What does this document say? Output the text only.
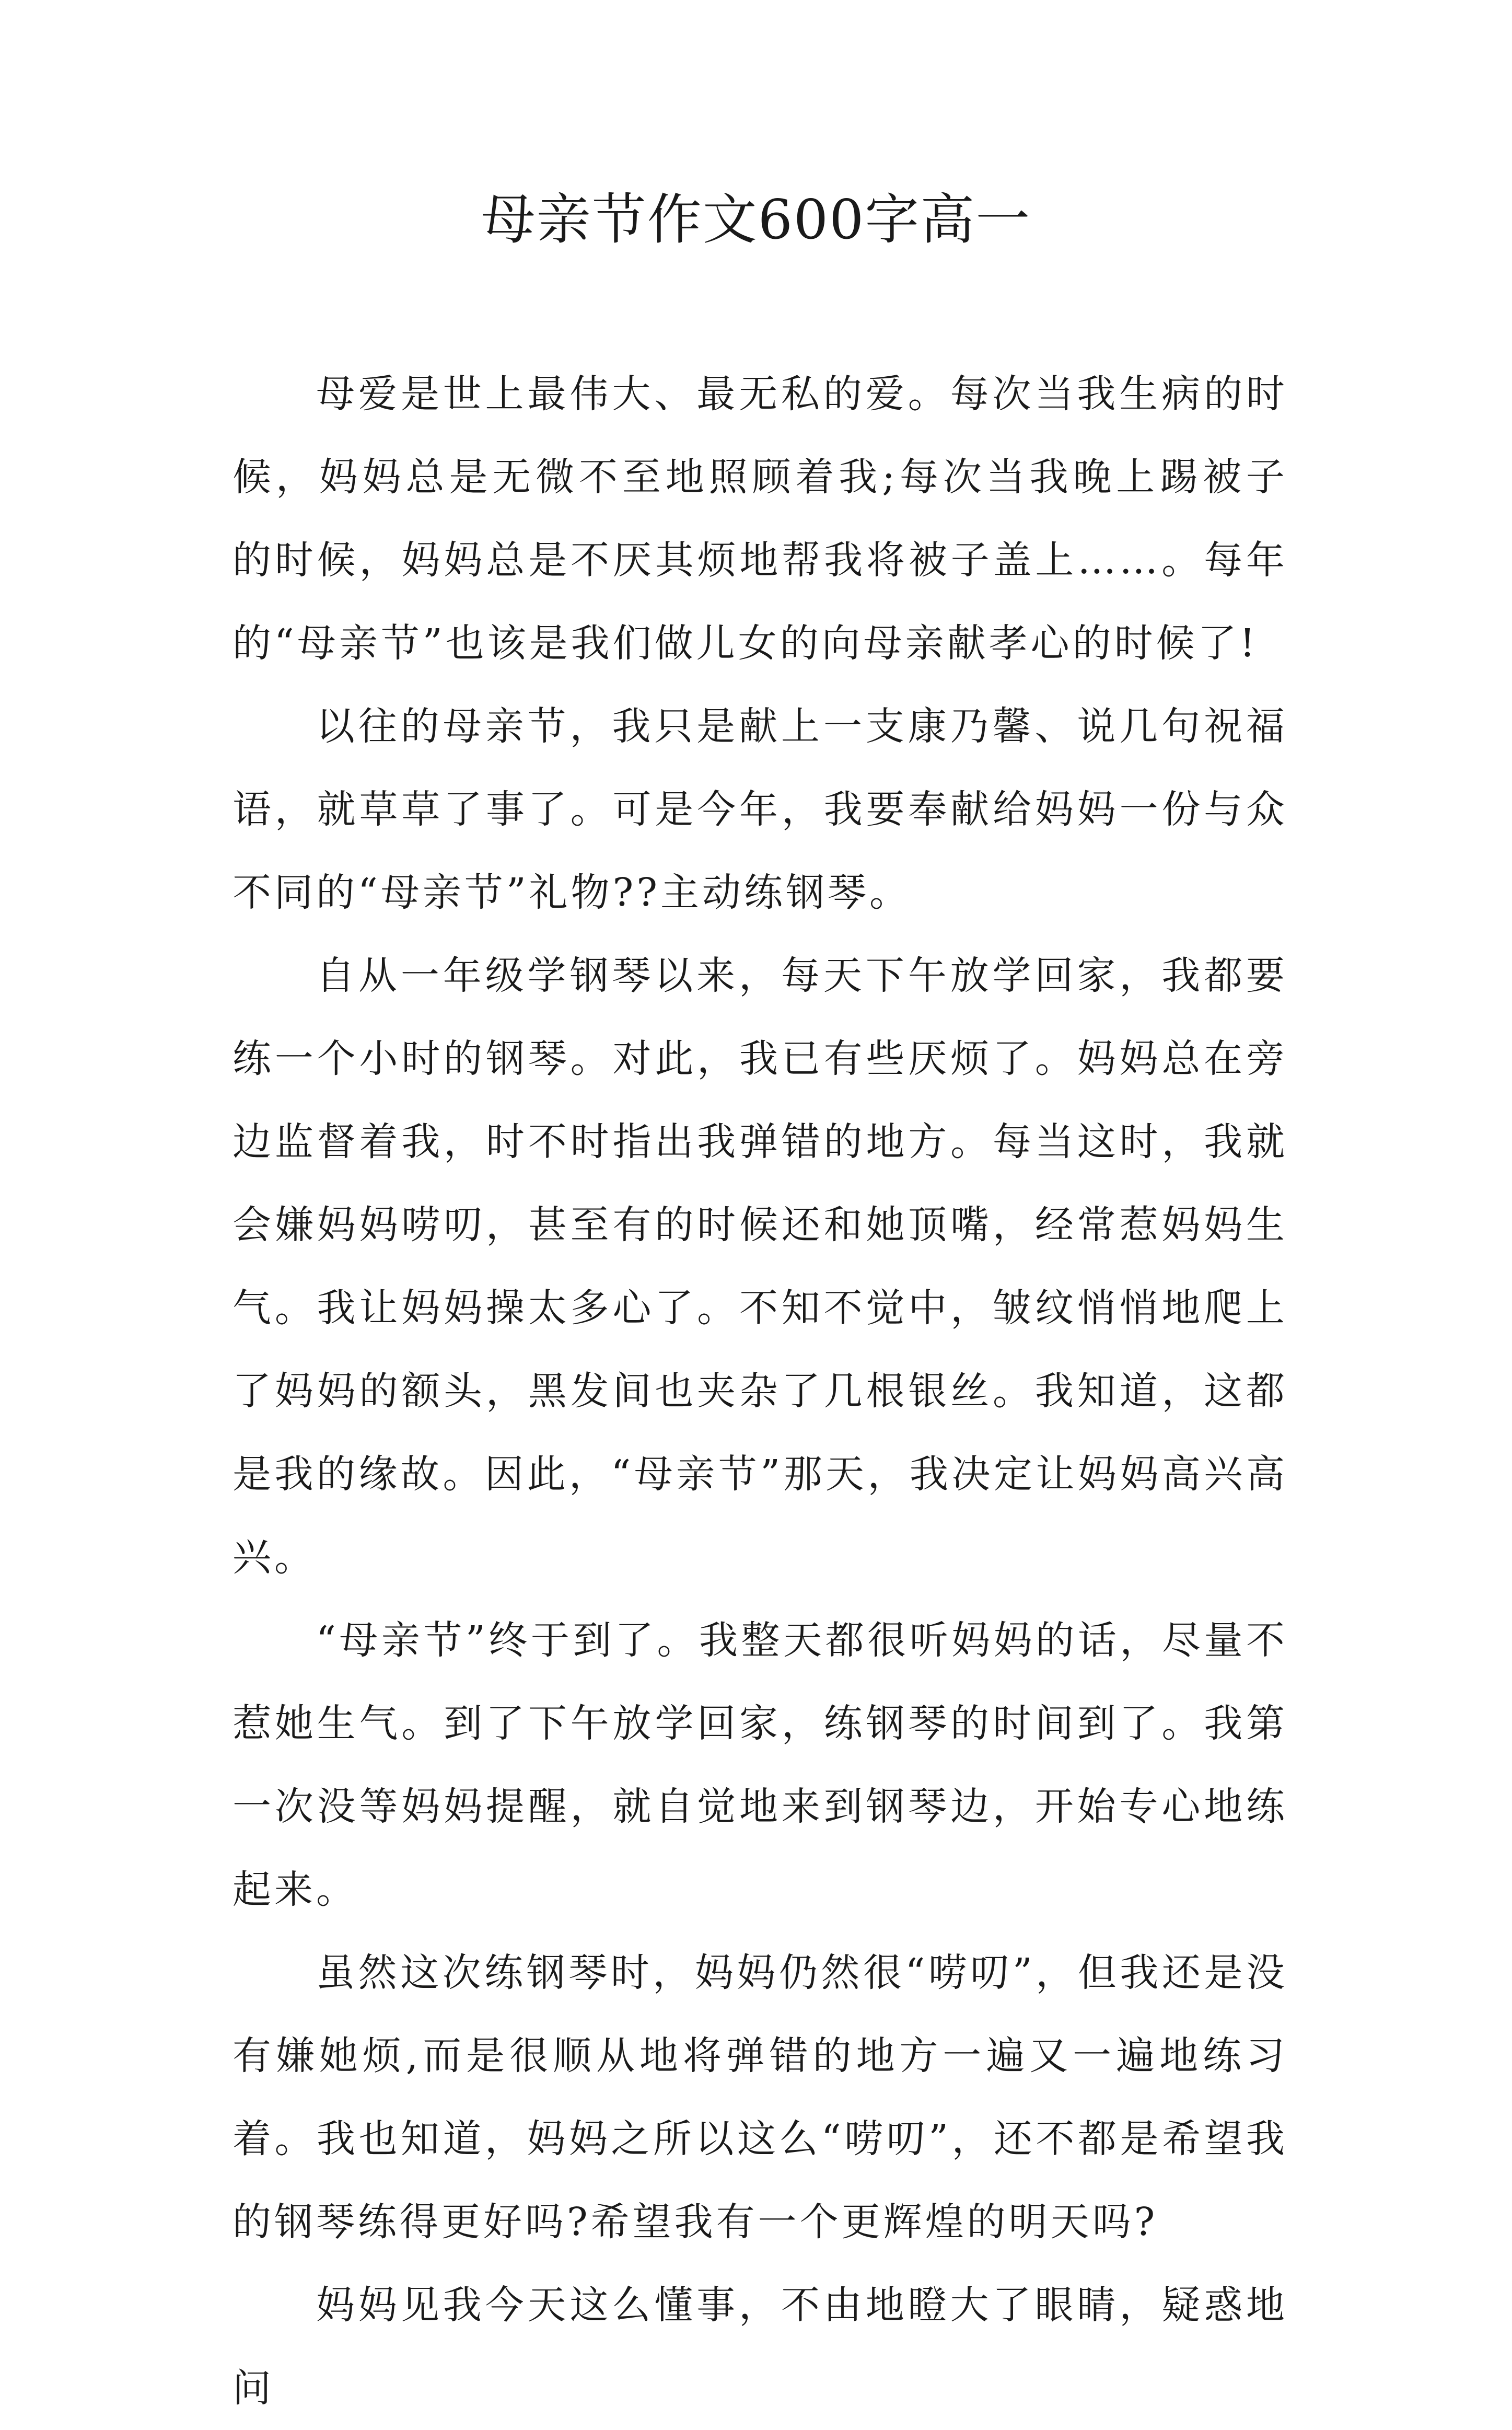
母亲节作文600字高一

母爱是世上最伟大、最无私的爱。每次当我生病的时候，妈妈总是无微不至地照顾着我;每次当我晚上踢被子的时候，妈妈总是不厌其烦地帮我将被子盖上……。每年的“母亲节”也该是我们做儿女的向母亲献孝心的时候了!

以往的母亲节，我只是献上一支康乃馨、说几句祝福语，就草草了事了。可是今年，我要奉献给妈妈一份与众不同的“母亲节”礼物??主动练钢琴。

自从一年级学钢琴以来，每天下午放学回家，我都要练一个小时的钢琴。对此，我已有些厌烦了。妈妈总在旁边监督着我，时不时指出我弹错的地方。每当这时，我就会嫌妈妈唠叨，甚至有的时候还和她顶嘴，经常惹妈妈生气。我让妈妈操太多心了。不知不觉中，皱纹悄悄地爬上了妈妈的额头，黑发间也夹杂了几根银丝。我知道，这都是我的缘故。因此，“母亲节”那天，我决定让妈妈高兴高兴。

“母亲节”终于到了。我整天都很听妈妈的话，尽量不惹她生气。到了下午放学回家，练钢琴的时间到了。我第一次没等妈妈提醒，就自觉地来到钢琴边，开始专心地练起来。

虽然这次练钢琴时，妈妈仍然很“唠叨”，但我还是没有嫌她烦,而是很顺从地将弹错的地方一遍又一遍地练习着。我也知道，妈妈之所以这么“唠叨”，还不都是希望我的钢琴练得更好吗?希望我有一个更辉煌的明天吗?

妈妈见我今天这么懂事，不由地瞪大了眼睛，疑惑地问
